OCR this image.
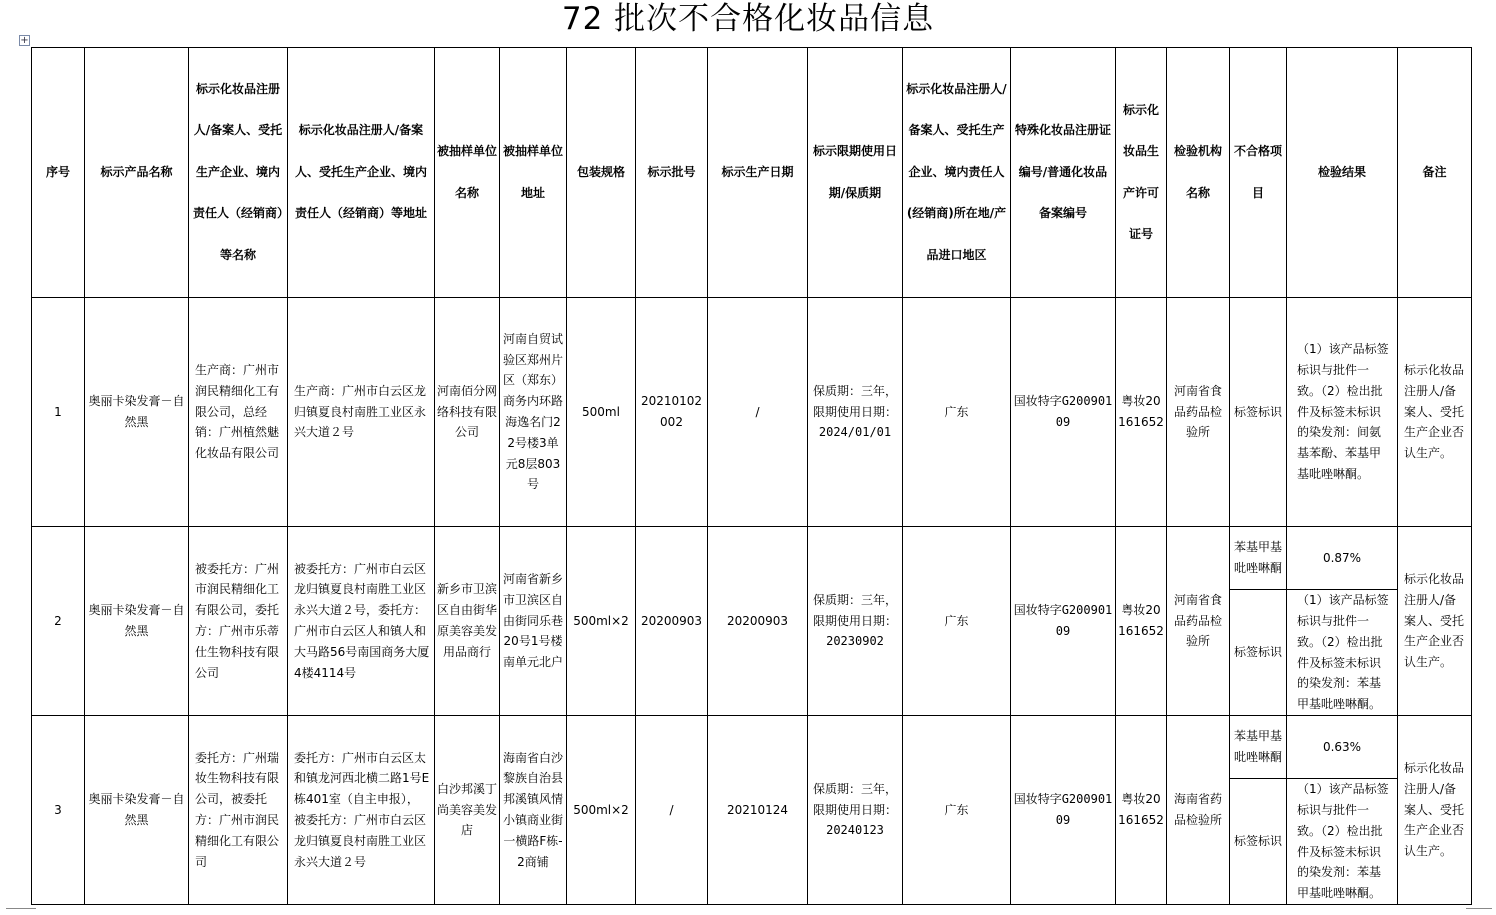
72 批次不合格化妆品信息
+
序号	标示产品名称	标示化妆品注册人/备案人、受托生产企业、境内责任人（经销商）等名称	标示化妆品注册人/备案人、受托生产企业、境内责任人（经销商）等地址	被抽样单位名称	被抽样单位地址	包装规格	标示批号	标示生产日期	标示限期使用日期/保质期	标示化妆品注册人/备案人、受托生产企业、境内责任人(经销商)所在地/产品进口地区	特殊化妆品注册证编号/普通化妆品备案编号	标示化妆品生产许可证号	检验机构名称	不合格项目	检验结果	备注
1	奥丽卡染发膏－自然黑	生产商：广州市润民精细化工有限公司，总经销：广州植然魅化妆品有限公司	生产商：广州市白云区龙归镇夏良村南胜工业区永兴大道２号	河南佰分网络科技有限公司	河南自贸试验区郑州片区（郑东）商务内环路海逸名门22号楼3单元8层803号	500ml	20210102002	/	保质期：三年，限期使用日期：2024/01/01	广东	国妆特字G20090109	粤妆20161652	河南省食品药品检验所	标签标识	（1）该产品标签标识与批件一致。（2）检出批件及标签未标识的染发剂：间氨基苯酚、苯基甲基吡唑啉酮。	标示化妆品注册人/备案人、受托生产企业否认生产。
2	奥丽卡染发膏－自然黑	被委托方：广州市润民精细化工有限公司，委托方：广州市乐蒂仕生物科技有限公司	被委托方：广州市白云区龙归镇夏良村南胜工业区永兴大道２号，委托方：广州市白云区人和镇人和大马路56号南国商务大厦4楼4114号	新乡市卫滨区自由街华原美容美发用品商行	河南省新乡市卫滨区自由街同乐巷20号1号楼南单元北户	500ml×2	20200903	20200903	保质期：三年，限期使用日期：20230902	广东	国妆特字G20090109	粤妆20161652	河南省食品药品检验所	苯基甲基吡唑啉酮	0.87%	标示化妆品注册人/备案人、受托生产企业否认生产。
														标签标识	（1）该产品标签标识与批件一致。（2）检出批件及标签未标识的染发剂：苯基甲基吡唑啉酮。	
3	奥丽卡染发膏－自然黑	委托方：广州瑞妆生物科技有限公司，被委托方：广州市润民精细化工有限公司	委托方：广州市白云区太和镇龙河西北横二路1号E栋401室（自主申报），被委托方：广州市白云区龙归镇夏良村南胜工业区永兴大道２号	白沙邦溪丁尚美容美发店	海南省白沙黎族自治县邦溪镇风情小镇商业街一横路F栋-2商铺	500ml×2	/	20210124	保质期：三年，限期使用日期：20240123	广东	国妆特字G20090109	粤妆20161652	海南省药品检验所	苯基甲基吡唑啉酮	0.63%	标示化妆品注册人/备案人、受托生产企业否认生产。
														标签标识	（1）该产品标签标识与批件一致。（2）检出批件及标签未标识的染发剂：苯基甲基吡唑啉酮。	
